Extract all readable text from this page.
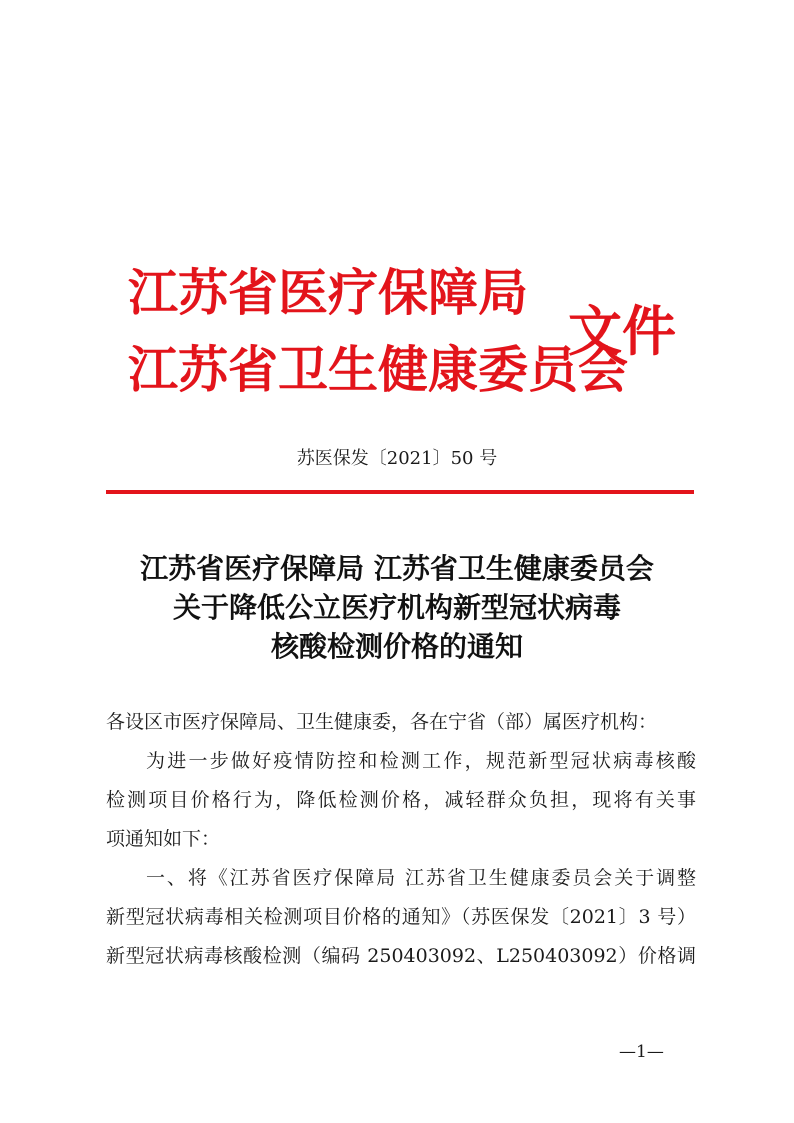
江苏省医疗保障局
江苏省卫生健康委员会
文件
苏医保发〔2021〕50 号
江苏省医疗保障局 江苏省卫生健康委员会
关于降低公立医疗机构新型冠状病毒
核酸检测价格的通知
各设区市医疗保障局、卫生健康委，各在宁省（部）属医疗机构：
为进一步做好疫情防控和检测工作，规范新型冠状病毒核酸
检测项目价格行为，降低检测价格，减轻群众负担，现将有关事
项通知如下：
一、将《江苏省医疗保障局 江苏省卫生健康委员会关于调整
新型冠状病毒相关检测项目价格的通知》（苏医保发〔2021〕3 号）
新型冠状病毒核酸检测（编码 250403092、L250403092）价格调
—1—
